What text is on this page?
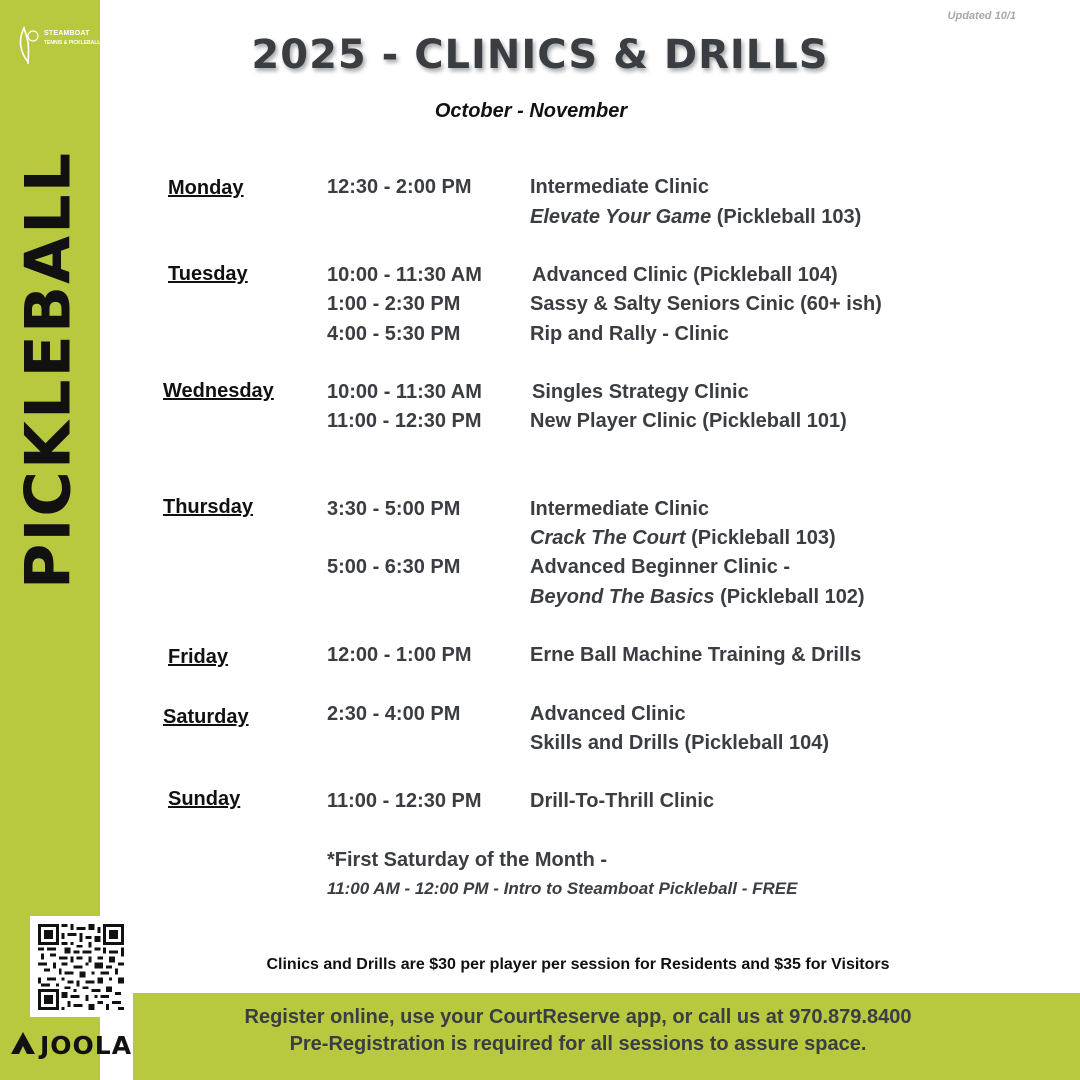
STEAMBOAT
TENNIS & PICKLEBALL
PICKLEBALL
Updated 10/1
2025 - CLINICS & DRILLS
October - November
Monday	12:30 - 2:00 PM	Intermediate Clinic
Elevate Your Game (Pickleball 103)
Tuesday	10:00 - 11:30 AM	Advanced Clinic (Pickleball 104)
1:00 - 2:30 PM	Sassy & Salty Seniors Cinic (60+ ish)
4:00 - 5:30 PM	Rip and Rally - Clinic
Wednesday	10:00 - 11:30 AM	Singles Strategy Clinic
11:00 - 12:30 PM New Player Clinic (Pickleball 101)
Thursday	3:30 - 5:00 PM	Intermediate Clinic
Crack The Court (Pickleball 103)
5:00 - 6:30 PM	Advanced Beginner Clinic -
Beyond The Basics (Pickleball 102)
Friday	12:00 - 1:00 PM	Erne Ball Machine Training & Drills
Saturday	2:30 - 4:00 PM	Advanced Clinic
Skills and Drills (Pickleball 104)
Sunday	11:00 - 12:30 PM Drill-To-Thrill Clinic
*First Saturday of the Month -
11:00 AM - 12:00 PM - Intro to Steamboat Pickleball - FREE
Clinics and Drills are $30 per player per session for Residents and $35 for Visitors
Register online, use your CourtReserve app, or call us at 970.879.8400
Pre-Registration is required for all sessions to assure space.
JOOLA
